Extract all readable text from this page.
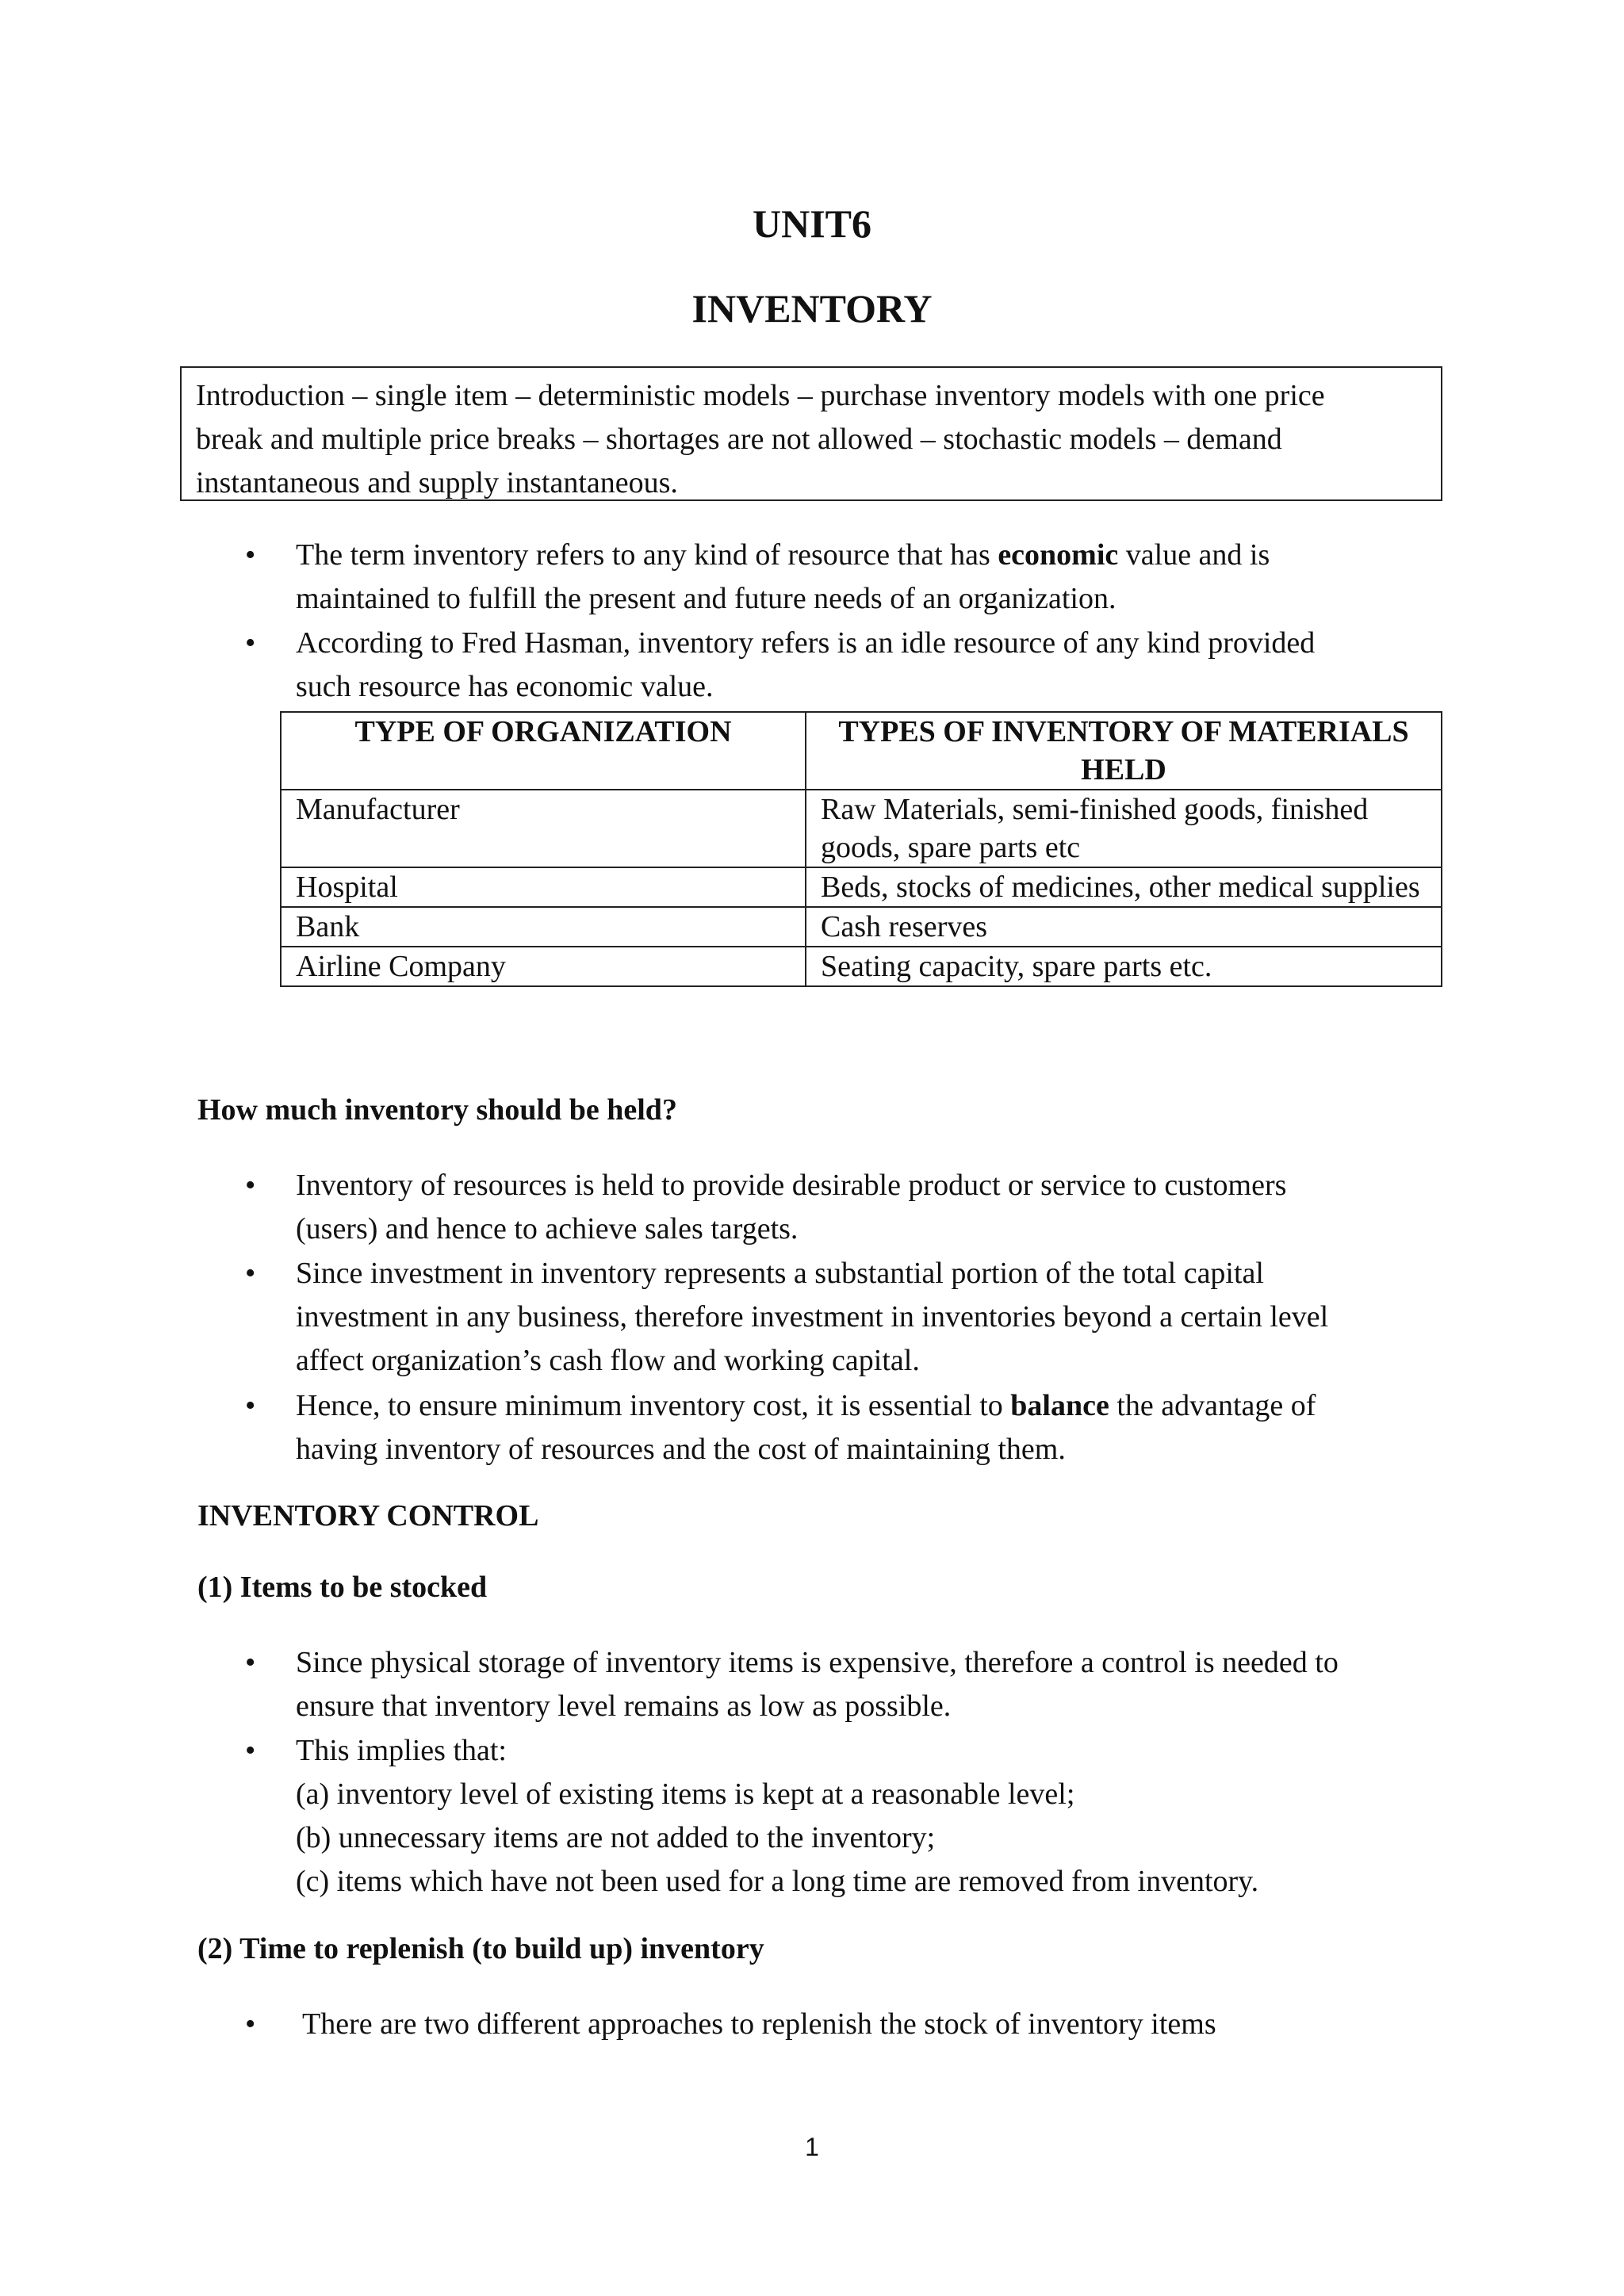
UNIT6
INVENTORY
Introduction – single item – deterministic models – purchase inventory models with one price
break and multiple price breaks – shortages are not allowed – stochastic models – demand
instantaneous and supply instantaneous.
• The term inventory refers to any kind of resource that has economic value and is
maintained to fulfill the present and future needs of an organization.
• According to Fred Hasman, inventory refers is an idle resource of any kind provided
such resource has economic value.
TYPE OF ORGANIZATION	TYPES OF INVENTORY OF MATERIALS HELD
Manufacturer	Raw Materials, semi-finished goods, finished goods, spare parts etc
Hospital	Beds, stocks of medicines, other medical supplies
Bank	Cash reserves
Airline Company	Seating capacity, spare parts etc.
How much inventory should be held?
• Inventory of resources is held to provide desirable product or service to customers
(users) and hence to achieve sales targets.
• Since investment in inventory represents a substantial portion of the total capital
investment in any business, therefore investment in inventories beyond a certain level
affect organization’s cash flow and working capital.
• Hence, to ensure minimum inventory cost, it is essential to balance the advantage of
having inventory of resources and the cost of maintaining them.
INVENTORY CONTROL
(1) Items to be stocked
• Since physical storage of inventory items is expensive, therefore a control is needed to
ensure that inventory level remains as low as possible.
• This implies that:
(a) inventory level of existing items is kept at a reasonable level;
(b) unnecessary items are not added to the inventory;
(c) items which have not been used for a long time are removed from inventory.
(2) Time to replenish (to build up) inventory
• There are two different approaches to replenish the stock of inventory items
1
